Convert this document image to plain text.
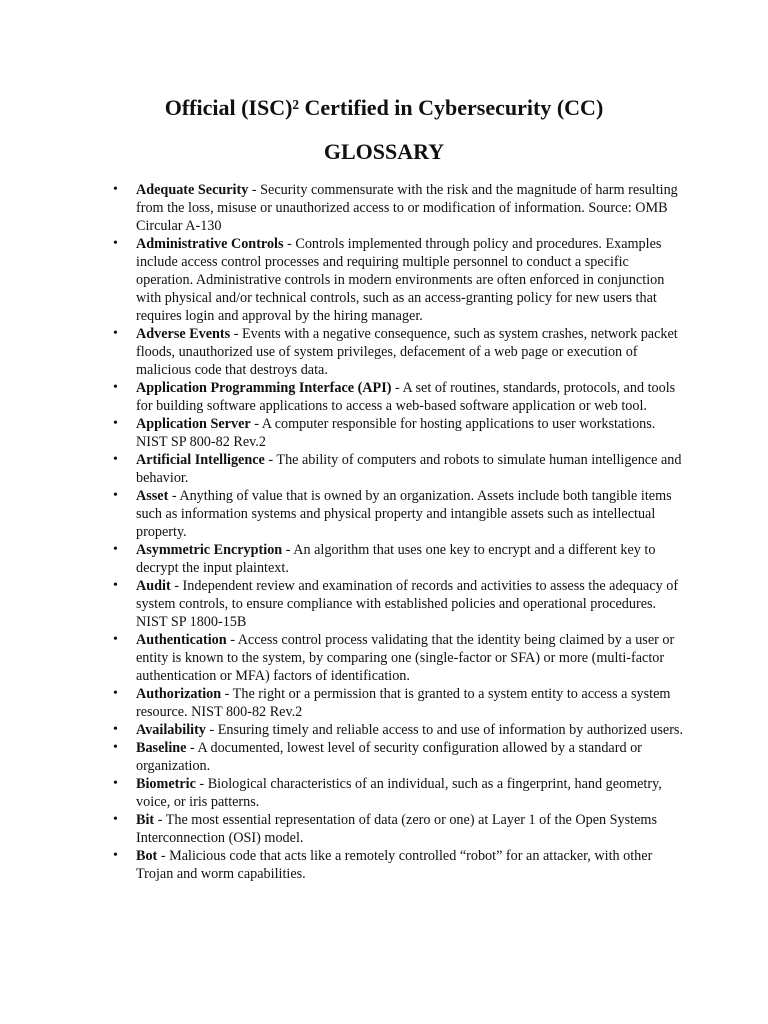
Official (ISC)² Certified in Cybersecurity (CC)
GLOSSARY
• Adequate Security - Security commensurate with the risk and the magnitude of harm resulting from the loss, misuse or unauthorized access to or modification of information. Source: OMB Circular A-130
• Administrative Controls - Controls implemented through policy and procedures. Examples include access control processes and requiring multiple personnel to conduct a specific operation. Administrative controls in modern environments are often enforced in conjunction with physical and/or technical controls, such as an access-granting policy for new users that requires login and approval by the hiring manager.
• Adverse Events - Events with a negative consequence, such as system crashes, network packet floods, unauthorized use of system privileges, defacement of a web page or execution of malicious code that destroys data.
• Application Programming Interface (API) - A set of routines, standards, protocols, and tools for building software applications to access a web-based software application or web tool.
• Application Server - A computer responsible for hosting applications to user workstations. NIST SP 800-82 Rev.2
• Artificial Intelligence - The ability of computers and robots to simulate human intelligence and behavior.
• Asset - Anything of value that is owned by an organization. Assets include both tangible items such as information systems and physical property and intangible assets such as intellectual property.
• Asymmetric Encryption - An algorithm that uses one key to encrypt and a different key to decrypt the input plaintext.
• Audit - Independent review and examination of records and activities to assess the adequacy of system controls, to ensure compliance with established policies and operational procedures. NIST SP 1800-15B
• Authentication - Access control process validating that the identity being claimed by a user or entity is known to the system, by comparing one (single-factor or SFA) or more (multi-factor authentication or MFA) factors of identification.
• Authorization - The right or a permission that is granted to a system entity to access a system resource. NIST 800-82 Rev.2
• Availability - Ensuring timely and reliable access to and use of information by authorized users.
• Baseline - A documented, lowest level of security configuration allowed by a standard or organization.
• Biometric - Biological characteristics of an individual, such as a fingerprint, hand geometry, voice, or iris patterns.
• Bit - The most essential representation of data (zero or one) at Layer 1 of the Open Systems Interconnection (OSI) model.
• Bot - Malicious code that acts like a remotely controlled “robot” for an attacker, with other Trojan and worm capabilities.
